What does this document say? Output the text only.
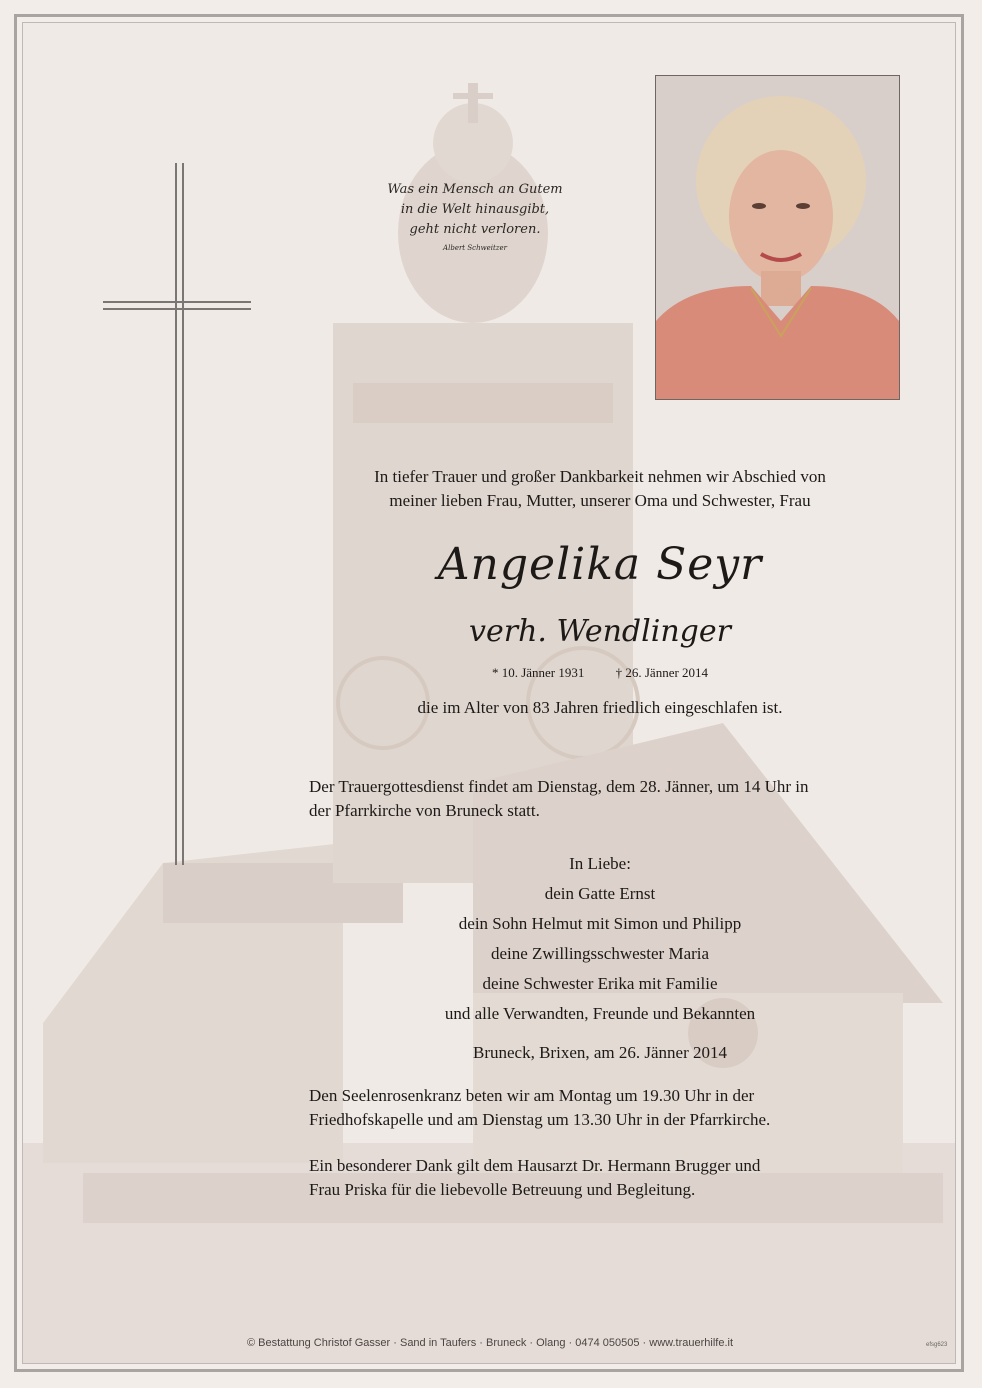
Was ein Mensch an Gutem
in die Welt hinausgibt,
geht nicht verloren.
Albert Schweitzer
In tiefer Trauer und großer Dankbarkeit nehmen wir Abschied von
meiner lieben Frau, Mutter, unserer Oma und Schwester, Frau
Angelika Seyr
verh. Wendlinger
* 10. Jänner 1931 † 26. Jänner 2014
die im Alter von 83 Jahren friedlich eingeschlafen ist.
Der Trauergottesdienst findet am Dienstag, dem 28. Jänner, um 14 Uhr in
der Pfarrkirche von Bruneck statt.
In Liebe:
dein Gatte Ernst
dein Sohn Helmut mit Simon und Philipp
deine Zwillingsschwester Maria
deine Schwester Erika mit Familie
und alle Verwandten, Freunde und Bekannten
Bruneck, Brixen, am 26. Jänner 2014
Den Seelenrosenkranz beten wir am Montag um 19.30 Uhr in der
Friedhofskapelle und am Dienstag um 13.30 Uhr in der Pfarrkirche.
Ein besonderer Dank gilt dem Hausarzt Dr. Hermann Brugger und
Frau Priska für die liebevolle Betreuung und Begleitung.
© Bestattung Christof Gasser · Sand in Taufers · Bruneck · Olang · 0474 050505 · www.trauerhilfe.it	efsg623
